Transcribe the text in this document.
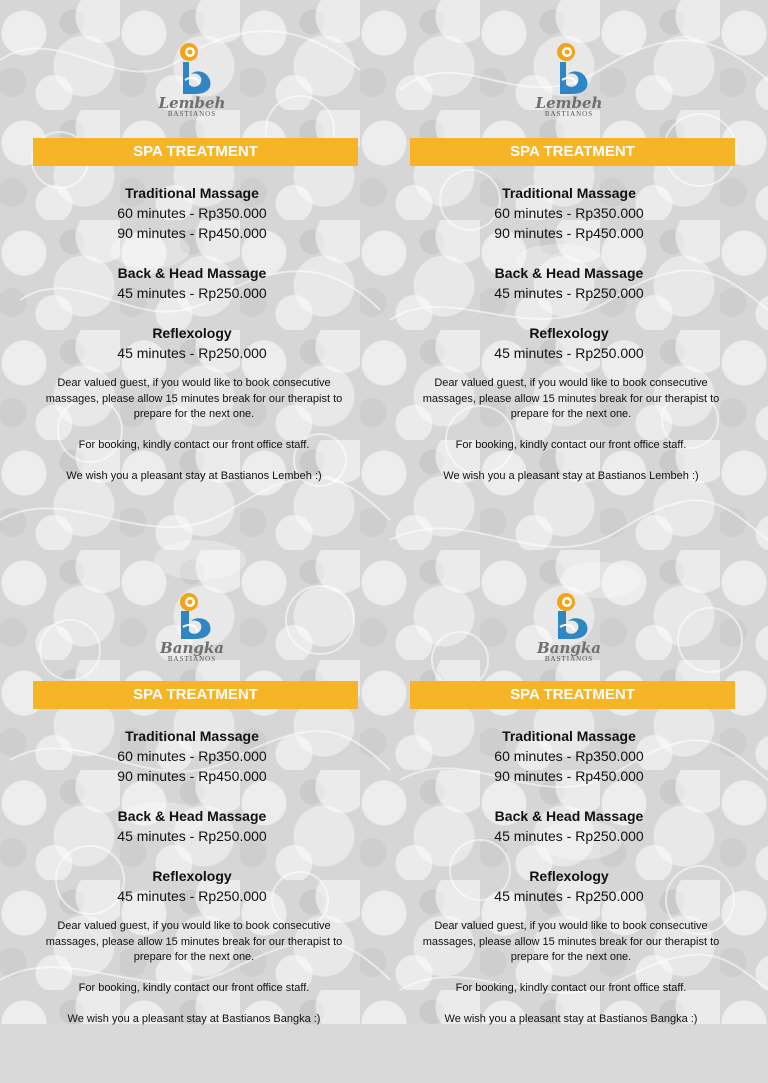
Lembeh
BASTIANOS
SPA TREATMENT
Traditional Massage
60 minutes - Rp350.000
90 minutes - Rp450.000
Back & Head Massage
45 minutes - Rp250.000
Reflexology
45 minutes - Rp250.000

Dear valued guest, if you would like to book consecutive massages, please allow 15 minutes break for our therapist to prepare for the next one.

For booking, kindly contact our front office staff.

We wish you a pleasant stay at Bastianos Lembeh :)

Lembeh
BASTIANOS
SPA TREATMENT
Traditional Massage
60 minutes - Rp350.000
90 minutes - Rp450.000
Back & Head Massage
45 minutes - Rp250.000
Reflexology
45 minutes - Rp250.000

Dear valued guest, if you would like to book consecutive massages, please allow 15 minutes break for our therapist to prepare for the next one.

For booking, kindly contact our front office staff.

We wish you a pleasant stay at Bastianos Lembeh :)

Bangka
BASTIANOS
SPA TREATMENT
Traditional Massage
60 minutes - Rp350.000
90 minutes - Rp450.000
Back & Head Massage
45 minutes - Rp250.000
Reflexology
45 minutes - Rp250.000

Dear valued guest, if you would like to book consecutive massages, please allow 15 minutes break for our therapist to prepare for the next one.

For booking, kindly contact our front office staff.

We wish you a pleasant stay at Bastianos Bangka :)

Bangka
BASTIANOS
SPA TREATMENT
Traditional Massage
60 minutes - Rp350.000
90 minutes - Rp450.000
Back & Head Massage
45 minutes - Rp250.000
Reflexology
45 minutes - Rp250.000

Dear valued guest, if you would like to book consecutive massages, please allow 15 minutes break for our therapist to prepare for the next one.

For booking, kindly contact our front office staff.

We wish you a pleasant stay at Bastianos Bangka :)
